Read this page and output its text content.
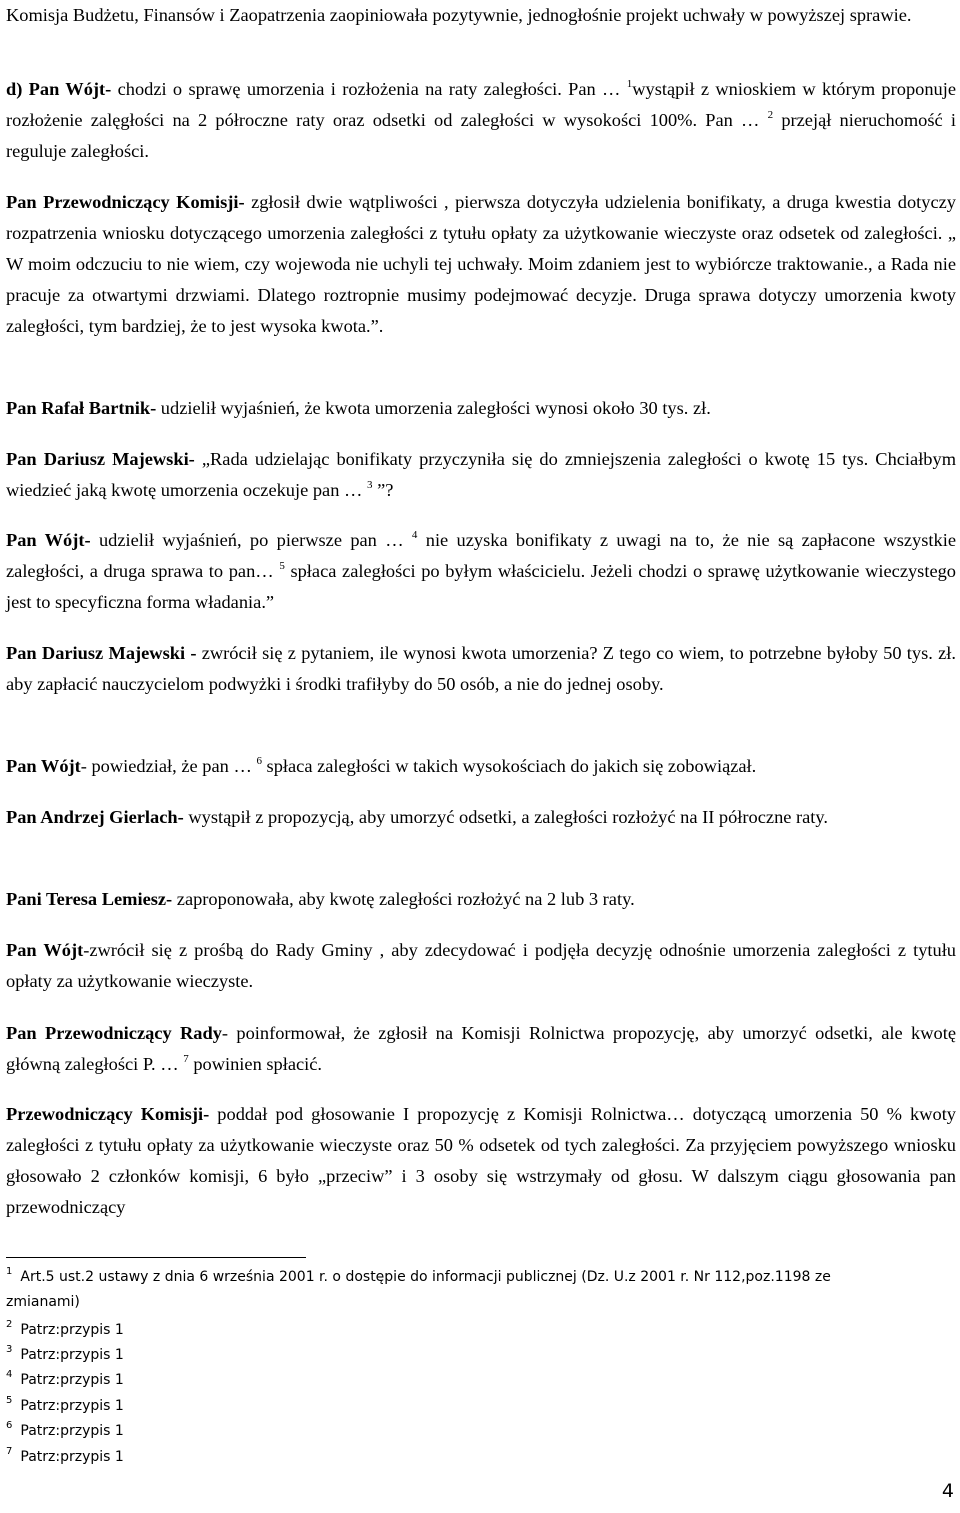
Komisja Budżetu, Finansów i Zaopatrzenia zaopiniowała pozytywnie, jednogłośnie projekt uchwały w powyższej sprawie.

d) Pan Wójt- chodzi o sprawę umorzenia i rozłożenia na raty zaległości. Pan … $^1$wystąpił z wnioskiem w którym proponuje rozłożenie zalęgłości na 2 półroczne raty oraz odsetki od zaległości w wysokości 100%. Pan … $^2$ przejął nieruchomość i reguluje zaległości.

Pan Przewodniczący Komisji- zgłosił dwie wątpliwości , pierwsza dotyczyła udzielenia bonifikaty, a druga kwestia dotyczy rozpatrzenia wniosku dotyczącego umorzenia zaległości z tytułu opłaty za użytkowanie wieczyste oraz odsetek od zaległości. „ W moim odczuciu to nie wiem, czy wojewoda nie uchyli tej uchwały. Moim zdaniem jest to wybiórcze traktowanie., a Rada nie pracuje za otwartymi drzwiami. Dlatego roztropnie musimy podejmować decyzje. Druga sprawa dotyczy umorzenia kwoty zaległości, tym bardziej, że to jest wysoka kwota.”.

Pan Rafał Bartnik- udzielił wyjaśnień, że kwota umorzenia zaległości wynosi około 30 tys. zł.

Pan Dariusz Majewski- „Rada udzielając bonifikaty przyczyniła się do zmniejszenia zaległości o kwotę 15 tys. Chciałbym wiedzieć jaką kwotę umorzenia oczekuje pan … $^3$ ”?

Pan Wójt- udzielił wyjaśnień, po pierwsze pan … $^4$ nie uzyska bonifikaty z uwagi na to, że nie są zapłacone wszystkie zaległości, a druga sprawa to pan… $^5$ spłaca zaległości po byłym właścicielu. Jeżeli chodzi o sprawę użytkowanie wieczystego jest to specyficzna forma władania.”

Pan Dariusz Majewski - zwrócił się z pytaniem, ile wynosi kwota umorzenia? Z tego co wiem, to potrzebne byłoby 50 tys. zł. aby zapłacić nauczycielom podwyżki i środki trafiłyby do 50 osób, a nie do jednej osoby.

Pan Wójt- powiedział, że pan … $^6$ spłaca zaległości w takich wysokościach do jakich się zobowiązał.

Pan Andrzej Gierlach- wystąpił z propozycją, aby umorzyć odsetki, a zaległości rozłożyć na II półroczne raty.

Pani Teresa Lemiesz- zaproponowała, aby kwotę zaległości rozłożyć na 2 lub 3 raty.

Pan Wójt-zwrócił się z prośbą do Rady Gminy , aby zdecydować i podjęła decyzję odnośnie umorzenia zaległości z tytułu opłaty za użytkowanie wieczyste.

Pan Przewodniczący Rady- poinformował, że zgłosił na Komisji Rolnictwa propozycję, aby umorzyć odsetki, ale kwotę główną zaległości P. … $^7$ powinien spłacić.

Przewodniczący Komisji- poddał pod głosowanie I propozycję z Komisji Rolnictwa… dotyczącą umorzenia 50 % kwoty zaległości z tytułu opłaty za użytkowanie wieczyste oraz 50 % odsetek od tych zaległości. Za przyjęciem powyższego wniosku głosowało 2 członków komisji, 6 było „przeciw” i 3 osoby się wstrzymały od głosu. W dalszym ciągu głosowania pan przewodniczący

$^1$ Art.5 ust.2 ustawy z dnia 6 września 2001 r. o dostępie do informacji publicznej (Dz. U.z 2001 r. Nr 112,poz.1198 ze zmianami)

$^2$ Patrz:przypis 1

$^3$ Patrz:przypis 1

$^4$ Patrz:przypis 1

$^5$ Patrz:przypis 1

$^6$ Patrz:przypis 1

$^7$ Patrz:przypis 1

4
